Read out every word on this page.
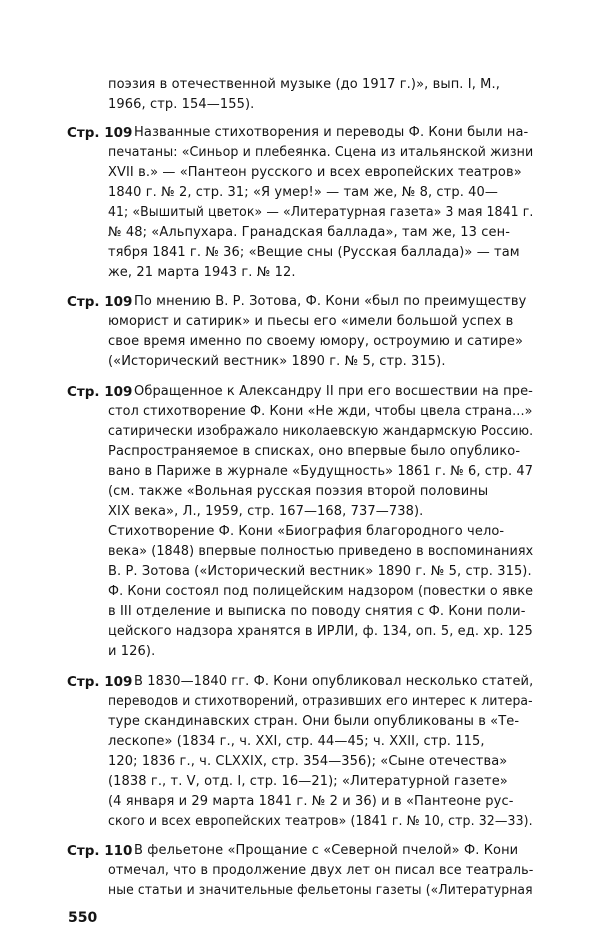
поэзия в отечественной музыке (до 1917 г.)», вып. I, М.,
1966, стр. 154—155).
Стр. 109 Названные стихотворения и переводы Ф. Кони были на-
печатаны: «Синьор и плебеянка. Сцена из итальянской жизни
XVII в.» — «Пантеон русского и всех европейских театров»
1840 г. № 2, стр. 31; «Я умер!» — там же, № 8, стр. 40—
41; «Вышитый цветок» — «Литературная газета» 3 мая 1841 г.
№ 48; «Альпухара. Гранадская баллада», там же, 13 сен-
тября 1841 г. № 36; «Вещие сны (Русская баллада)» — там
же, 21 марта 1943 г. № 12.
Стр. 109 По мнению В. Р. Зотова, Ф. Кони «был по преимуществу
юморист и сатирик» и пьесы его «имели большой успех в
свое время именно по своему юмору, остроумию и сатире»
(«Исторический вестник» 1890 г. № 5, стр. 315).
Стр. 109 Обращенное к Александру II при его восшествии на пре-
стол стихотворение Ф. Кони «Не жди, чтобы цвела страна...»
сатирически изображало николаевскую жандармскую Россию.
Распространяемое в списках, оно впервые было опублико-
вано в Париже в журнале «Будущность» 1861 г. № 6, стр. 47
(см. также «Вольная русская поэзия второй половины
XIX века», Л., 1959, стр. 167—168, 737—738).
Стихотворение Ф. Кони «Биография благородного чело-
века» (1848) впервые полностью приведено в воспоминаниях
В. Р. Зотова («Исторический вестник» 1890 г. № 5, стр. 315).
Ф. Кони состоял под полицейским надзором (повестки о явке
в III отделение и выписка по поводу снятия с Ф. Кони поли-
цейского надзора хранятся в ИРЛИ, ф. 134, оп. 5, ед. хр. 125
и 126).
Стр. 109 В 1830—1840 гг. Ф. Кони опубликовал несколько статей,
переводов и стихотворений, отразивших его интерес к литера-
туре скандинавских стран. Они были опубликованы в «Те-
лескопе» (1834 г., ч. XXI, стр. 44—45; ч. XXII, стр. 115,
120; 1836 г., ч. CLXXIX, стр. 354—356); «Сыне отечества»
(1838 г., т. V, отд. I, стр. 16—21); «Литературной газете»
(4 января и 29 марта 1841 г. № 2 и 36) и в «Пантеоне рус-
ского и всех европейских театров» (1841 г. № 10, стр. 32—33).
Стр. 110 В фельетоне «Прощание с «Северной пчелой» Ф. Кони
отмечал, что в продолжение двух лет он писал все театраль-
ные статьи и значительные фельетоны газеты («Литературная
550
